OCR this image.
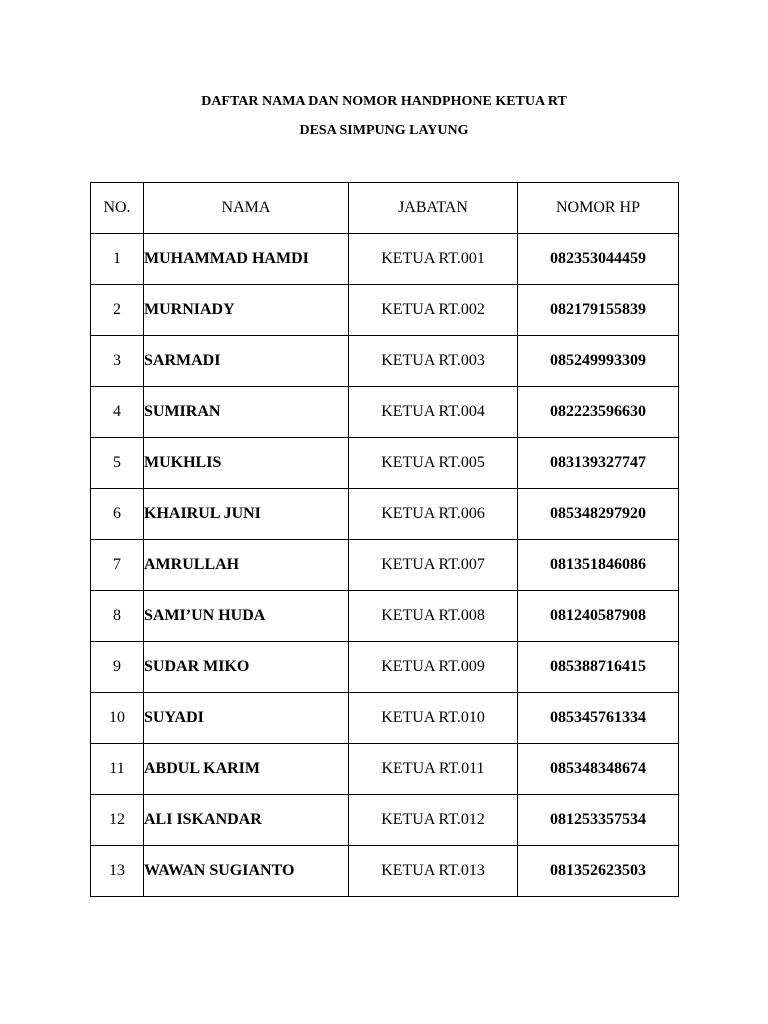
DAFTAR NAMA DAN NOMOR HANDPHONE KETUA RT
DESA SIMPUNG LAYUNG
NO.	NAMA	JABATAN	NOMOR HP
1	MUHAMMAD HAMDI	KETUA RT.001	082353044459
2	MURNIADY	KETUA RT.002	082179155839
3	SARMADI	KETUA RT.003	085249993309
4	SUMIRAN	KETUA RT.004	082223596630
5	MUKHLIS	KETUA RT.005	083139327747
6	KHAIRUL JUNI	KETUA RT.006	085348297920
7	AMRULLAH	KETUA RT.007	081351846086
8	SAMI’UN HUDA	KETUA RT.008	081240587908
9	SUDAR MIKO	KETUA RT.009	085388716415
10	SUYADI	KETUA RT.010	085345761334
11	ABDUL KARIM	KETUA RT.011	085348348674
12	ALI ISKANDAR	KETUA RT.012	081253357534
13	WAWAN SUGIANTO	KETUA RT.013	081352623503
